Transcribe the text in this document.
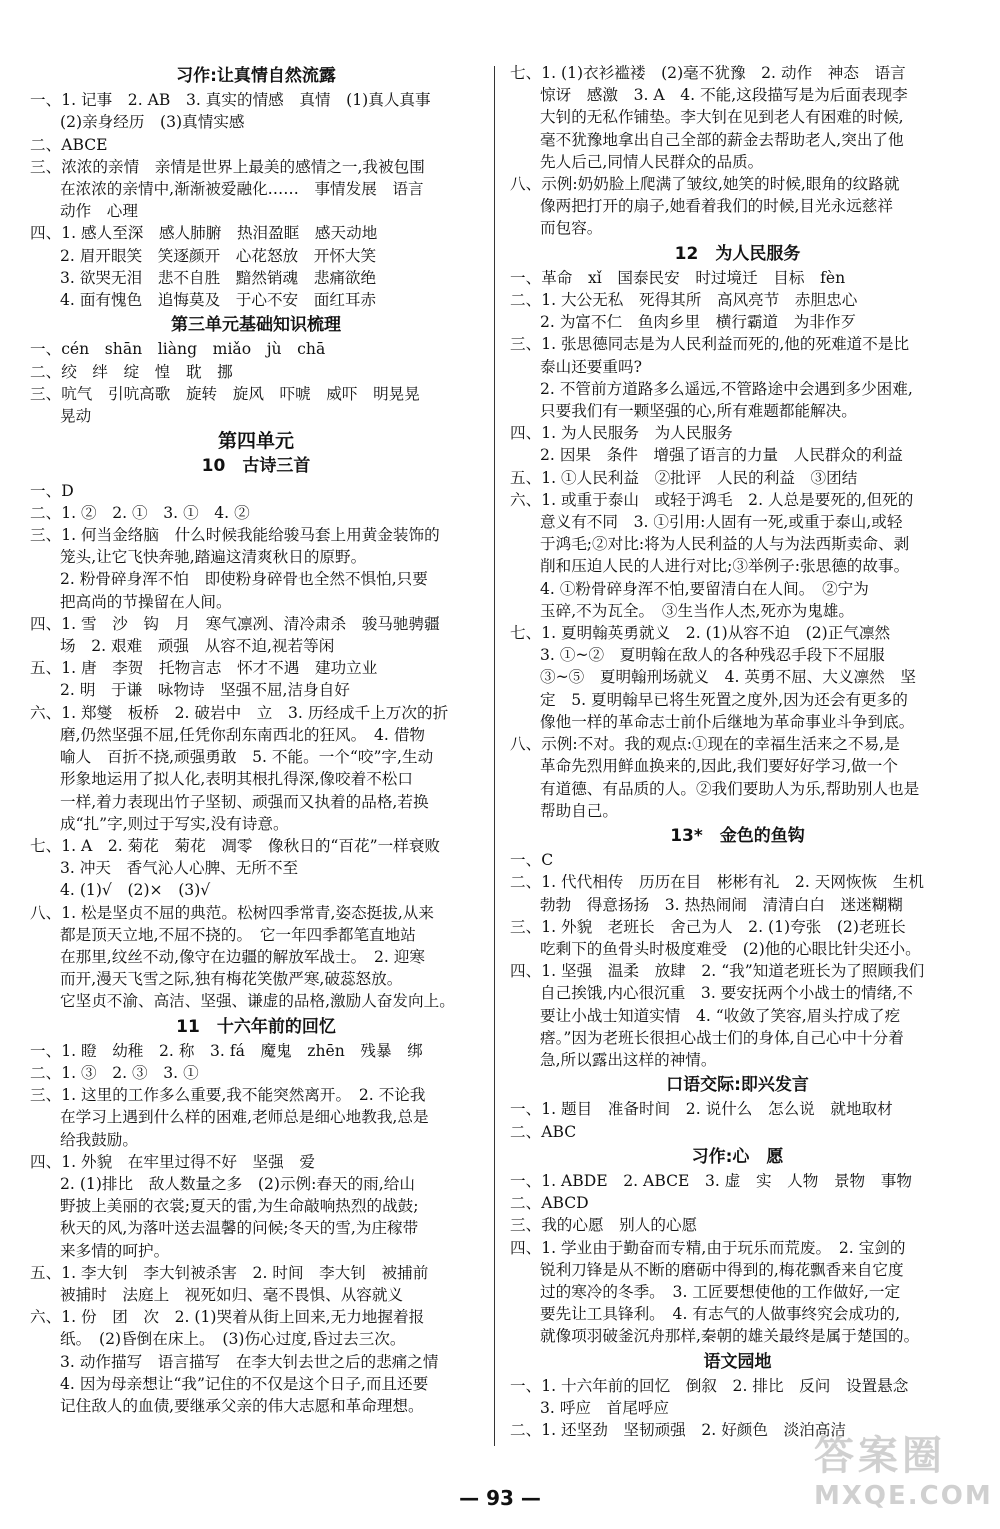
习作:让真情自然流露
一、1. 记事　2. AB　3. 真实的情感　真情　(1)真人真事
(2)亲身经历　(3)真情实感
二、ABCE
三、浓浓的亲情　亲情是世界上最美的感情之一,我被包围
在浓浓的亲情中,渐渐被爱融化……　事情发展　语言
动作　心理
四、1. 感人至深　感人肺腑　热泪盈眶　感天动地
2. 眉开眼笑　笑逐颜开　心花怒放　开怀大笑
3. 欲哭无泪　悲不自胜　黯然销魂　悲痛欲绝
4. 面有愧色　追悔莫及　于心不安　面红耳赤
第三单元基础知识梳理
一、cén　shān　liàng　miǎo　jù　chā
二、绞　绊　绽　惶　耽　挪
三、吭气　引吭高歌　旋转　旋风　吓唬　威吓　明晃晃
晃动
第四单元
10　古诗三首
一、D
二、1. ②　2. ①　3. ①　4. ②
三、1. 何当金络脑　什么时候我能给骏马套上用黄金装饰的
笼头,让它飞快奔驰,踏遍这清爽秋日的原野。
2. 粉骨碎身浑不怕　即使粉身碎骨也全然不惧怕,只要
把高尚的节操留在人间。
四、1. 雪　沙　钩　月　寒气凛冽、清冷肃杀　骏马驰骋疆
场　2. 艰难　顽强　从容不迫,视若等闲
五、1. 唐　李贺　托物言志　怀才不遇　建功立业
2. 明　于谦　咏物诗　坚强不屈,洁身自好
六、1. 郑燮　板桥　2. 破岩中　立　3. 历经成千上万次的折
磨,仍然坚强不屈,任凭你刮东南西北的狂风。　4. 借物
喻人　百折不挠,顽强勇敢　5. 不能。一个“咬”字,生动
形象地运用了拟人化,表明其根扎得深,像咬着不松口
一样,着力表现出竹子坚韧、顽强而又执着的品格,若换
成“扎”字,则过于写实,没有诗意。
七、1. A　2. 菊花　菊花　凋零　像秋日的“百花”一样衰败
3. 冲天　香气沁人心脾、无所不至
4. (1)√　(2)×　(3)√
八、1. 松是坚贞不屈的典范。松树四季常青,姿态挺拔,从来
都是顶天立地,不屈不挠的。　它一年四季都笔直地站
在那里,纹丝不动,像守在边疆的解放军战士。　2. 迎寒
而开,漫天飞雪之际,独有梅花笑傲严寒,破蕊怒放。
它坚贞不渝、高洁、坚强、谦虚的品格,激励人奋发向上。
11　十六年前的回忆
一、1. 瞪　幼稚　2. 称　3. fá　魔鬼　zhēn　残暴　绑
二、1. ③　2. ③　3. ①
三、1. 这里的工作多么重要,我不能突然离开。　2. 不论我
在学习上遇到什么样的困难,老师总是细心地教我,总是
给我鼓励。
四、1. 外貌　在牢里过得不好　坚强　爱
2. (1)排比　敌人数量之多　(2)示例:春天的雨,给山
野披上美丽的衣裳;夏天的雷,为生命敲响热烈的战鼓;
秋天的风,为落叶送去温馨的问候;冬天的雪,为庄稼带
来多情的呵护。
五、1. 李大钊　李大钊被杀害　2. 时间　李大钊　被捕前
被捕时　法庭上　视死如归、毫不畏惧、从容就义
六、1. 份　团　次　2. (1)哭着从街上回来,无力地握着报
纸。　(2)昏倒在床上。　(3)伤心过度,昏过去三次。
3. 动作描写　语言描写　在李大钊去世之后的悲痛之情
4. 因为母亲想让“我”记住的不仅是这个日子,而且还要
记住敌人的血债,要继承父亲的伟大志愿和革命理想。
七、1. (1)衣衫褴褛　(2)毫不犹豫　2. 动作　神态　语言
惊讶　感激　3. A　4. 不能,这段描写是为后面表现李
大钊的无私作铺垫。李大钊在见到老人有困难的时候,
毫不犹豫地拿出自己全部的薪金去帮助老人,突出了他
先人后己,同情人民群众的品质。
八、示例:奶奶脸上爬满了皱纹,她笑的时候,眼角的纹路就
像两把打开的扇子,她看着我们的时候,目光永远慈祥
而包容。
12　为人民服务
一、革命　xǐ　国泰民安　时过境迁　目标　fèn
二、1. 大公无私　死得其所　高风亮节　赤胆忠心
2. 为富不仁　鱼肉乡里　横行霸道　为非作歹
三、1. 张思德同志是为人民利益而死的,他的死难道不是比
泰山还要重吗?
2. 不管前方道路多么遥远,不管路途中会遇到多少困难,
只要我们有一颗坚强的心,所有难题都能解决。
四、1. 为人民服务　为人民服务
2. 因果　条件　增强了语言的力量　人民群众的利益
五、1. ①人民利益　②批评　人民的利益　③团结
六、1. 或重于泰山　或轻于鸿毛　2. 人总是要死的,但死的
意义有不同　3. ①引用:人固有一死,或重于泰山,或轻
于鸿毛;②对比:将为人民利益的人与为法西斯卖命、剥
削和压迫人民的人进行对比;③举例子:张思德的故事。
4. ①粉骨碎身浑不怕,要留清白在人间。　②宁为
玉碎,不为瓦全。　③生当作人杰,死亦为鬼雄。
七、1. 夏明翰英勇就义　2. (1)从容不迫　(2)正气凛然
3. ①~②　夏明翰在敌人的各种残忍手段下不屈服
③~⑤　夏明翰刑场就义　4. 英勇不屈、大义凛然　坚
定　5. 夏明翰早已将生死置之度外,因为还会有更多的
像他一样的革命志士前仆后继地为革命事业斗争到底。
八、示例:不对。我的观点:①现在的幸福生活来之不易,是
革命先烈用鲜血换来的,因此,我们要好好学习,做一个
有道德、有品质的人。②我们要助人为乐,帮助别人也是
帮助自己。
13*　金色的鱼钩
一、C
二、1. 代代相传　历历在目　彬彬有礼　2. 天网恢恢　生机
勃勃　得意扬扬　3. 热热闹闹　清清白白　迷迷糊糊
三、1. 外貌　老班长　舍己为人　2. (1)夸张　(2)老班长
吃剩下的鱼骨头时极度难受　(2)他的心眼比针尖还小。
四、1. 坚强　温柔　放肆　2. “我”知道老班长为了照顾我们
自己挨饿,内心很沉重　3. 要安抚两个小战士的情绪,不
要让小战士知道实情　4. “收敛了笑容,眉头拧成了疙
瘩。”因为老班长很担心战士们的身体,自己心中十分着
急,所以露出这样的神情。
口语交际:即兴发言
一、1. 题目　准备时间　2. 说什么　怎么说　就地取材
二、ABC
习作:心　愿
一、1. ABDE　2. ABCE　3. 虚　实　人物　景物　事物
二、ABCD
三、我的心愿　别人的心愿
四、1. 学业由于勤奋而专精,由于玩乐而荒废。　2. 宝剑的
锐利刀锋是从不断的磨砺中得到的,梅花飘香来自它度
过的寒冷的冬季。　3. 工匠要想使他的工作做好,一定
要先让工具锋利。　4. 有志气的人做事终究会成功的,
就像项羽破釜沉舟那样,秦朝的雄关最终是属于楚国的。
语文园地
一、1. 十六年前的回忆　倒叙　2. 排比　反问　设置悬念
3. 呼应　首尾呼应
二、1. 还坚劲　坚韧顽强　2. 好颜色　淡泊高洁
— 93 —
答案圈
MXQE.COM
